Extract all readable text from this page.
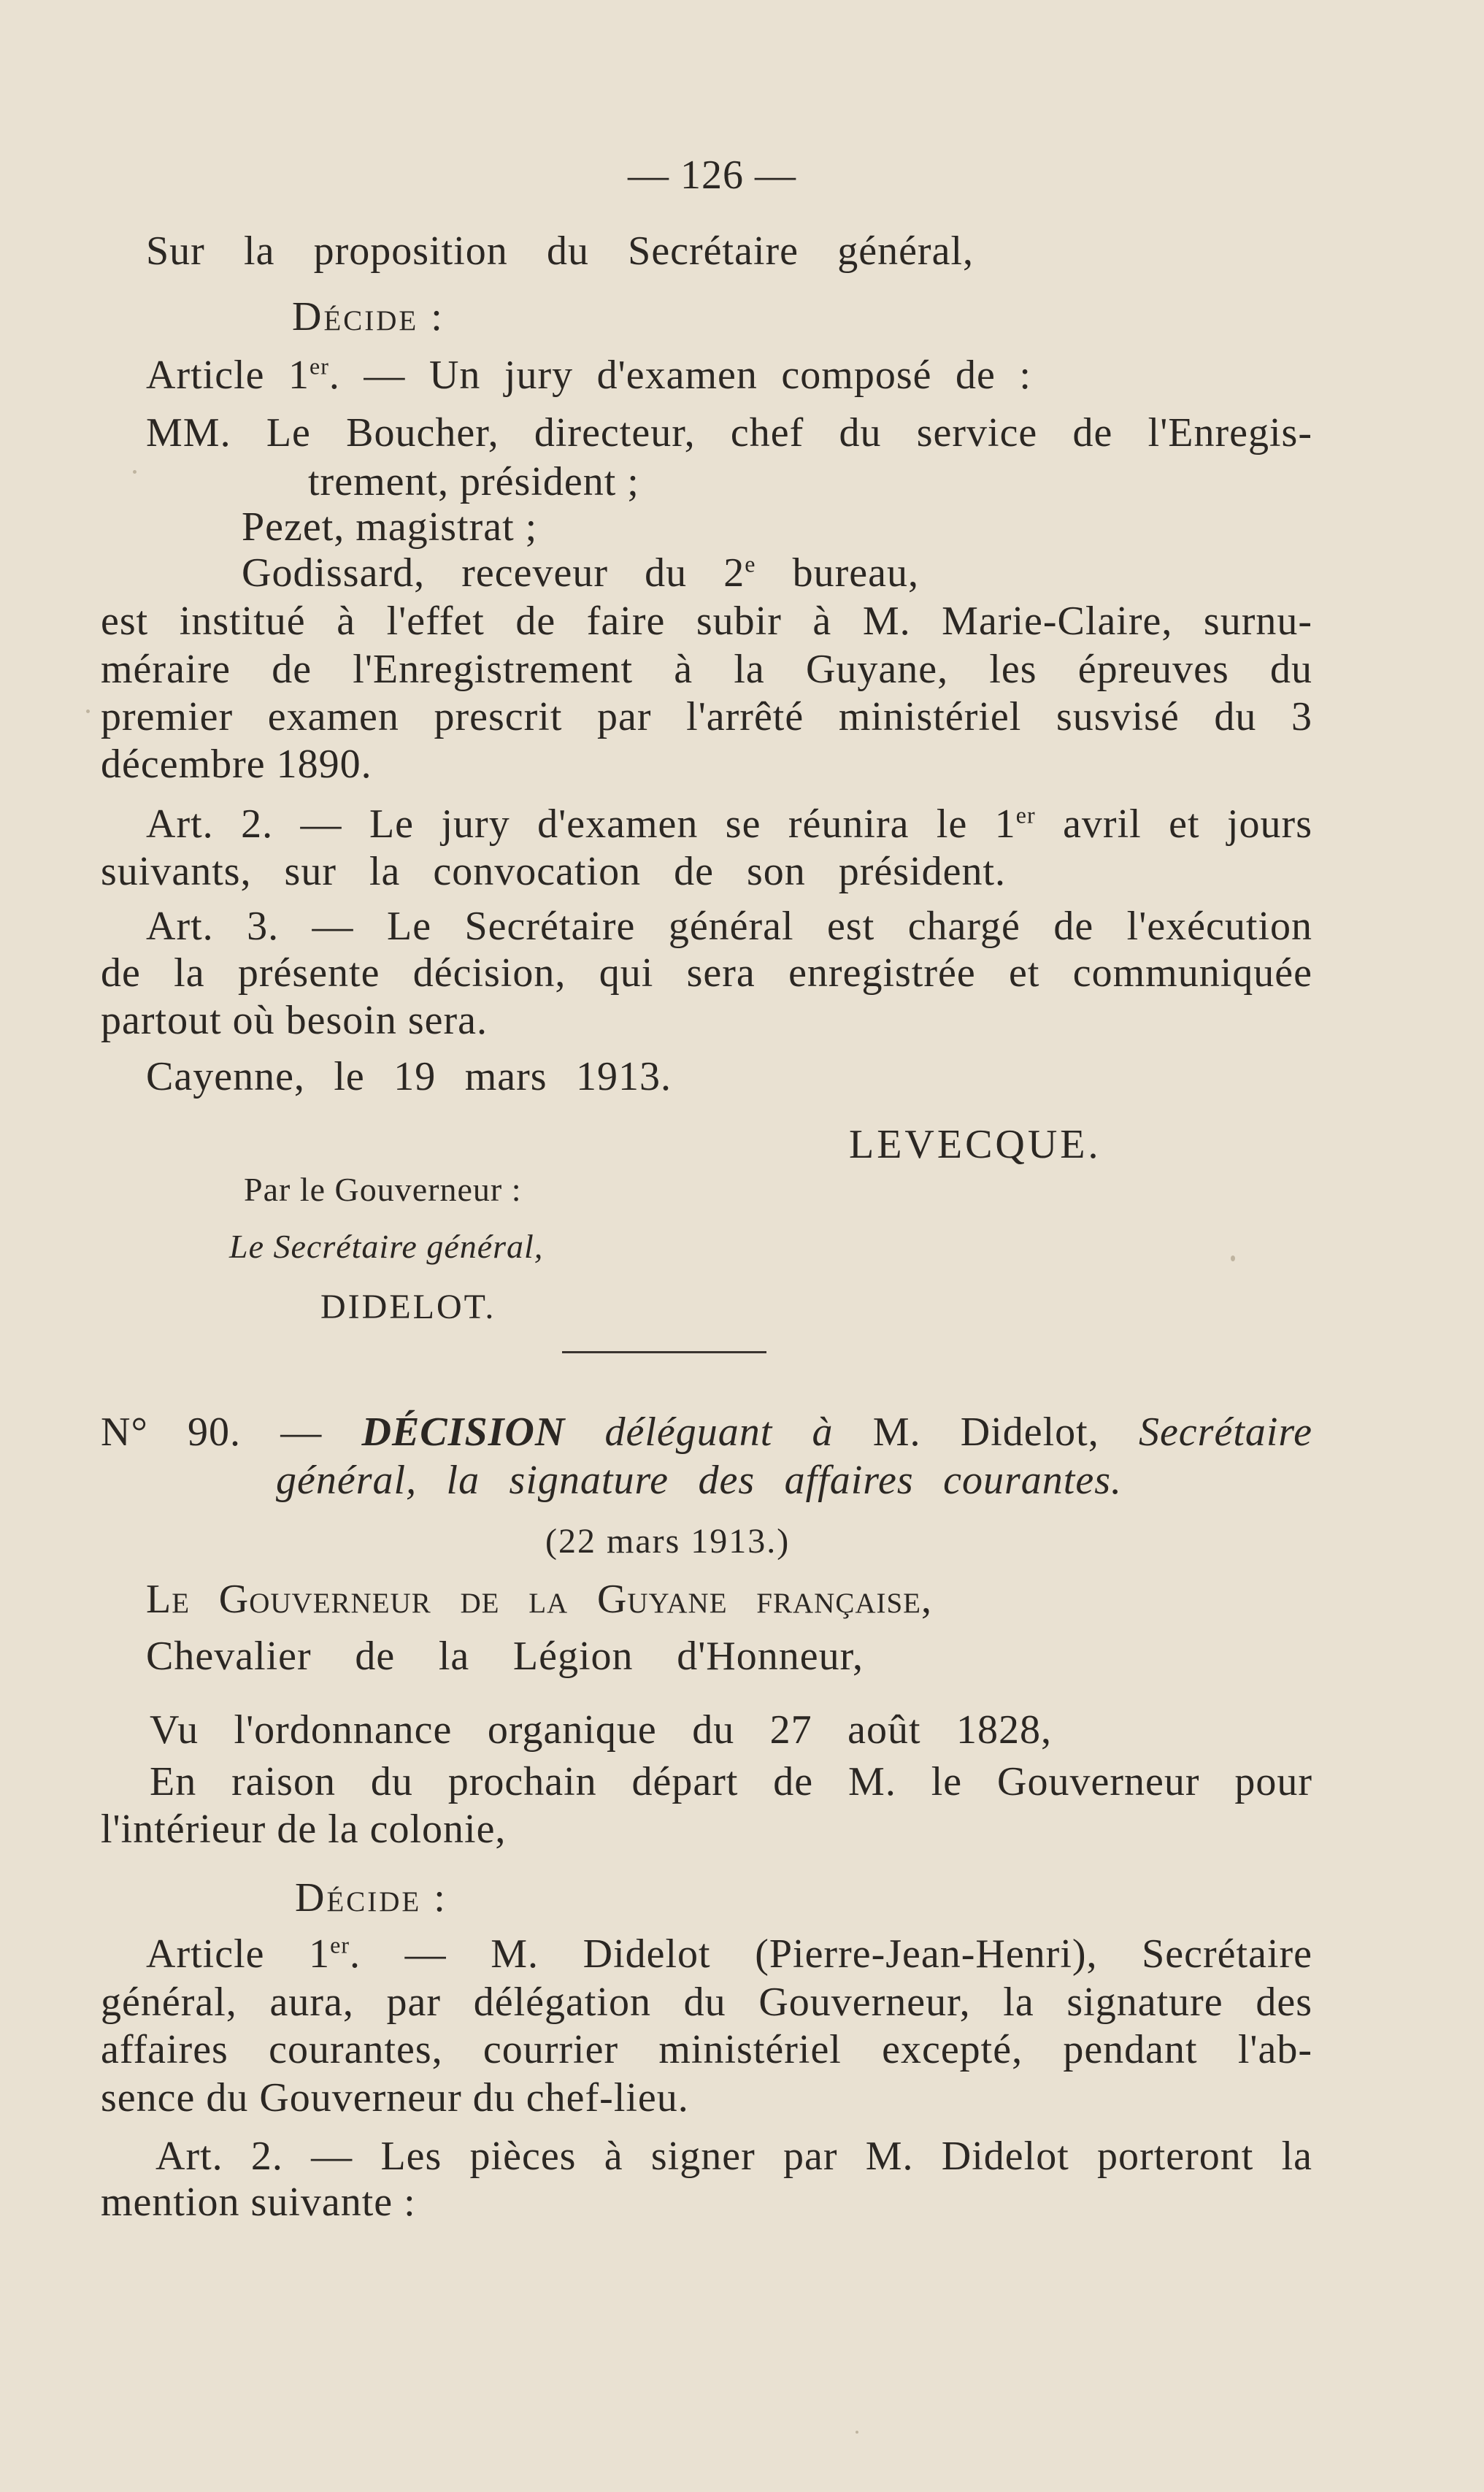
— 126 —
Sur la proposition du Secrétaire général,
Décide :
Article 1er. — Un jury d'examen composé de :
MM. Le Boucher, directeur, chef du service de l'Enregis-
trement, président ;
Pezet, magistrat ;
Godissard, receveur du 2e bureau,
est institué à l'effet de faire subir à M. Marie-Claire, surnu-
méraire de l'Enregistrement à la Guyane, les épreuves du
premier examen prescrit par l'arrêté ministériel susvisé du 3
décembre 1890.
Art. 2. — Le jury d'examen se réunira le 1er avril et jours
suivants, sur la convocation de son président.
Art. 3. — Le Secrétaire général est chargé de l'exécution
de la présente décision, qui sera enregistrée et communiquée
partout où besoin sera.
Cayenne, le 19 mars 1913.
LEVECQUE.
Par le Gouverneur :
Le Secrétaire général,
DIDELOT.
N° 90. — DÉCISION déléguant à M. Didelot, Secrétaire
général, la signature des affaires courantes.
(22 mars 1913.)
Le Gouverneur de la Guyane française,
Chevalier de la Légion d'Honneur,
Vu l'ordonnance organique du 27 août 1828,
En raison du prochain départ de M. le Gouverneur pour
l'intérieur de la colonie,
Décide :
Article 1er. — M. Didelot (Pierre-Jean-Henri), Secrétaire
général, aura, par délégation du Gouverneur, la signature des
affaires courantes, courrier ministériel excepté, pendant l'ab-
sence du Gouverneur du chef-lieu.
Art. 2. — Les pièces à signer par M. Didelot porteront la
mention suivante :
